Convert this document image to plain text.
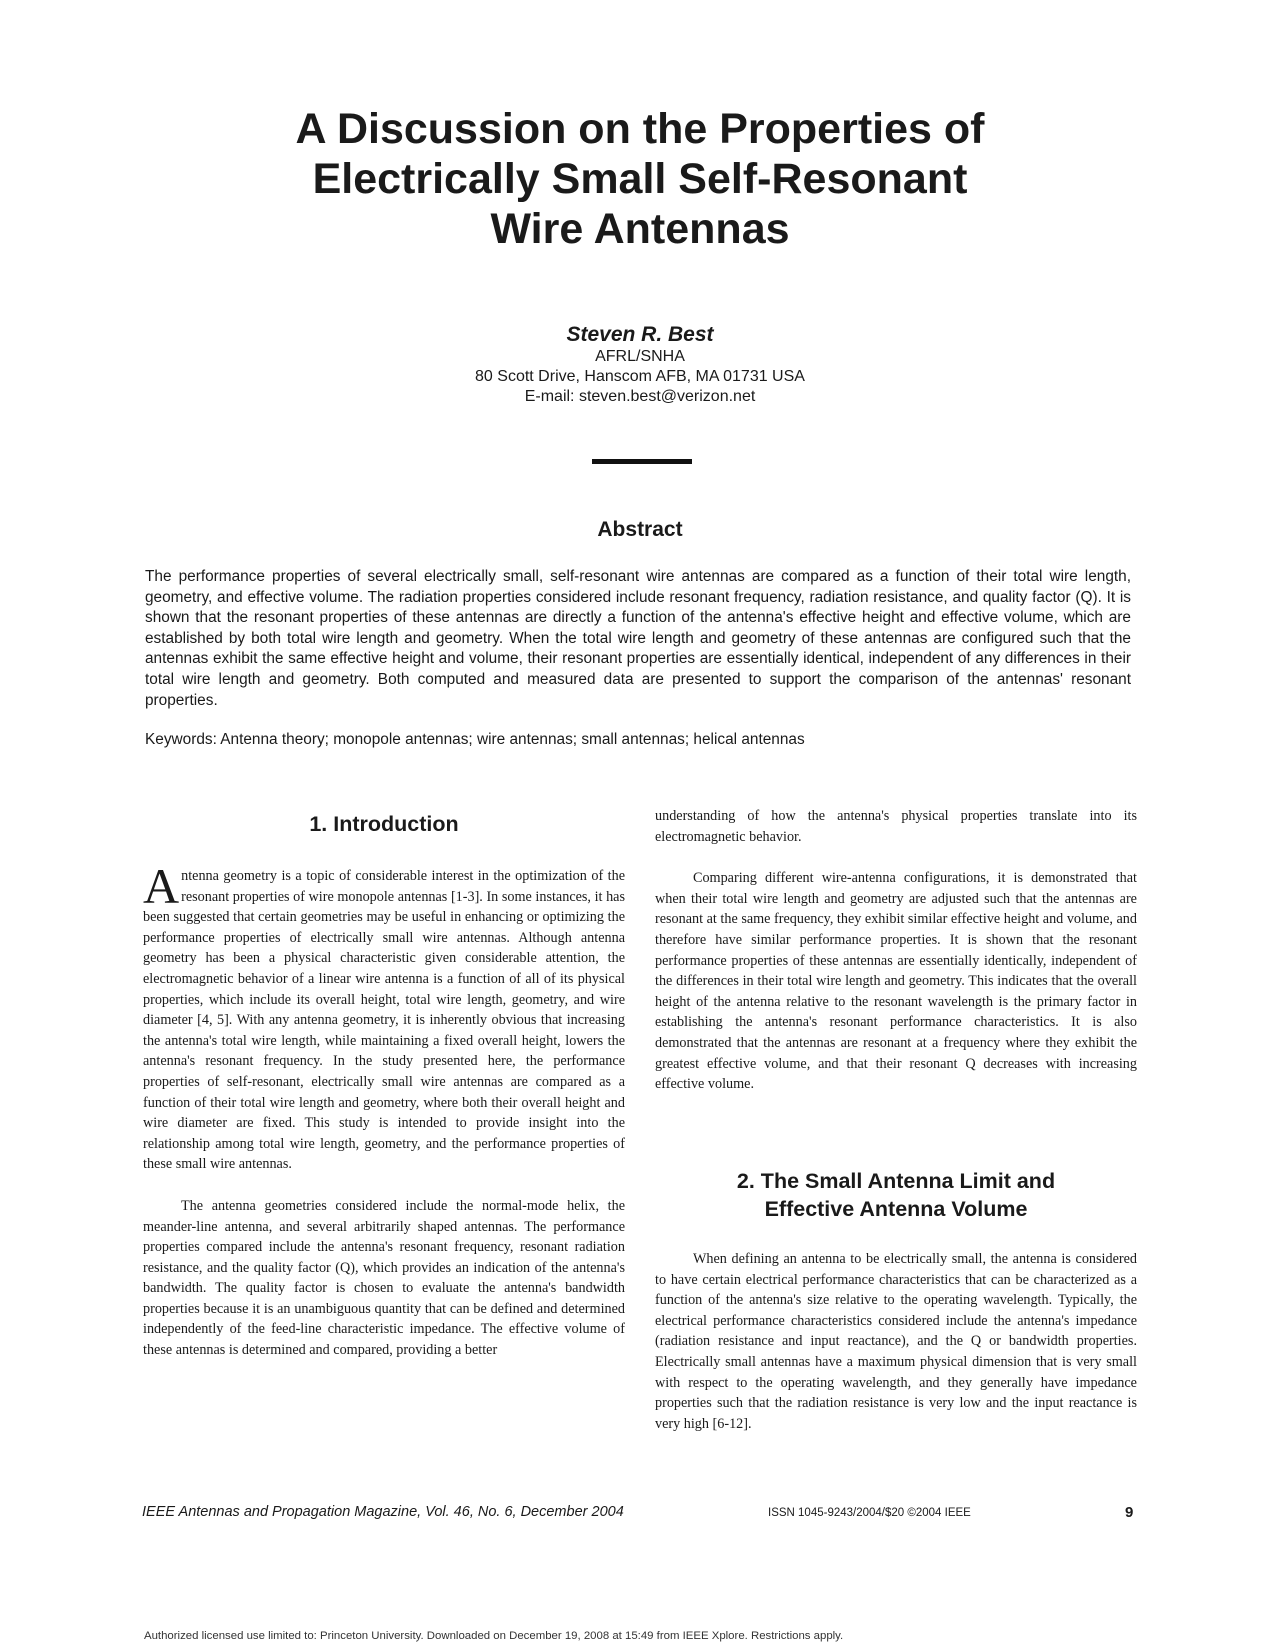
A Discussion on the Properties of
Electrically Small Self-Resonant
Wire Antennas
Steven R. Best
AFRL/SNHA
80 Scott Drive, Hanscom AFB, MA 01731 USA
E-mail: steven.best@verizon.net
Abstract
The performance properties of several electrically small, self-resonant wire antennas are compared as a function of their total wire length, geometry, and effective volume. The radiation properties considered include resonant frequency, radiation resistance, and quality factor (Q). It is shown that the resonant properties of these antennas are directly a function of the antenna's effective height and effective volume, which are established by both total wire length and geometry. When the total wire length and geometry of these antennas are configured such that the antennas exhibit the same effective height and volume, their resonant properties are essentially identical, independent of any differences in their total wire length and geometry. Both computed and measured data are presented to support the comparison of the antennas' resonant properties.
Keywords: Antenna theory; monopole antennas; wire antennas; small antennas; helical antennas
1. Introduction

Antenna geometry is a topic of considerable interest in the optimization of the resonant properties of wire monopole antennas [1-3]. In some instances, it has been suggested that certain geometries may be useful in enhancing or optimizing the performance properties of electrically small wire antennas. Although antenna geometry has been a physical characteristic given considerable attention, the electromagnetic behavior of a linear wire antenna is a function of all of its physical properties, which include its overall height, total wire length, geometry, and wire diameter [4, 5]. With any antenna geometry, it is inherently obvious that increasing the antenna's total wire length, while maintaining a fixed overall height, lowers the antenna's resonant frequency. In the study presented here, the performance properties of self-resonant, electrically small wire antennas are compared as a function of their total wire length and geometry, where both their overall height and wire diameter are fixed. This study is intended to provide insight into the relationship among total wire length, geometry, and the performance properties of these small wire antennas.

The antenna geometries considered include the normal-mode helix, the meander-line antenna, and several arbitrarily shaped antennas. The performance properties compared include the antenna's resonant frequency, resonant radiation resistance, and the quality factor (Q), which provides an indication of the antenna's bandwidth. The quality factor is chosen to evaluate the antenna's bandwidth properties because it is an unambiguous quantity that can be defined and determined independently of the feed-line characteristic impedance. The effective volume of these antennas is determined and compared, providing a better

understanding of how the antenna's physical properties translate into its electromagnetic behavior.

Comparing different wire-antenna configurations, it is demonstrated that when their total wire length and geometry are adjusted such that the antennas are resonant at the same frequency, they exhibit similar effective height and volume, and therefore have similar performance properties. It is shown that the resonant performance properties of these antennas are essentially identically, independent of the differences in their total wire length and geometry. This indicates that the overall height of the antenna relative to the resonant wavelength is the primary factor in establishing the antenna's resonant performance characteristics. It is also demonstrated that the antennas are resonant at a frequency where they exhibit the greatest effective volume, and that their resonant Q decreases with increasing effective volume.

2. The Small Antenna Limit and
Effective Antenna Volume

When defining an antenna to be electrically small, the antenna is considered to have certain electrical performance characteristics that can be characterized as a function of the antenna's size relative to the operating wavelength. Typically, the electrical performance characteristics considered include the antenna's impedance (radiation resistance and input reactance), and the Q or bandwidth properties. Electrically small antennas have a maximum physical dimension that is very small with respect to the operating wavelength, and they generally have impedance properties such that the radiation resistance is very low and the input reactance is very high [6-12].

IEEE Antennas and Propagation Magazine, Vol. 46, No. 6, December 2004	ISSN 1045-9243/2004/$20 ©2004 IEEE	9
Authorized licensed use limited to: Princeton University. Downloaded on December 19, 2008 at 15:49 from IEEE Xplore. Restrictions apply.
